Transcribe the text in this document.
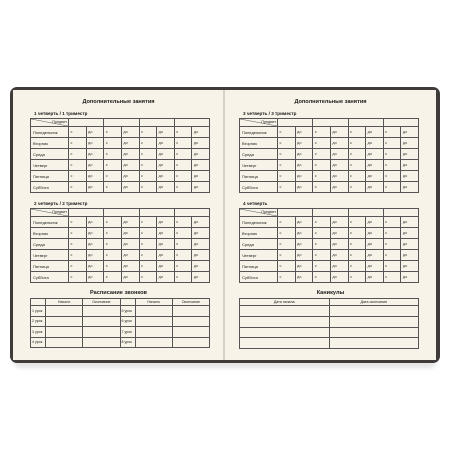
Дополнительные занятия
1 четверть / 1 триместр
Предмет								

Понедельник	с	до	с	до	с	до	с	до
Вторник	с	до	с	до	с	до	с	до
Среда	с	до	с	до	с	до	с	до
Четверг	с	до	с	до	с	до	с	до
Пятница	с	до	с	до	с	до	с	до
Суббота	с	до	с	до	с	до	с	до
2 четверть / 2 триместр
Предмет								

Понедельник	с	до	с	до	с	до	с	до
Вторник	с	до	с	до	с	до	с	до
Среда	с	до	с	до	с	до	с	до
Четверг	с	до	с	до	с	до	с	до
Пятница	с	до	с	до	с	до	с	до
Суббота	с	до	с	до	с	до	с	до
Расписание звонков
	Начало	Окончание		Начало	Окончание
1 урок			5 урок		
2 урок			6 урок		
3 урок			7 урок		
4 урок			8 урок		
Дополнительные занятия
3 четверть / 3 триместр
Предмет								

Понедельник	с	до	с	до	с	до	с	до
Вторник	с	до	с	до	с	до	с	до
Среда	с	до	с	до	с	до	с	до
Четверг	с	до	с	до	с	до	с	до
Пятница	с	до	с	до	с	до	с	до
Суббота	с	до	с	до	с	до	с	до
4 четверть
Предмет								

Понедельник	с	до	с	до	с	до	с	до
Вторник	с	до	с	до	с	до	с	до
Среда	с	до	с	до	с	до	с	до
Четверг	с	до	с	до	с	до	с	до
Пятница	с	до	с	до	с	до	с	до
Суббота	с	до	с	до	с	до	с	до
Каникулы
Дата начала	Дата окончания
